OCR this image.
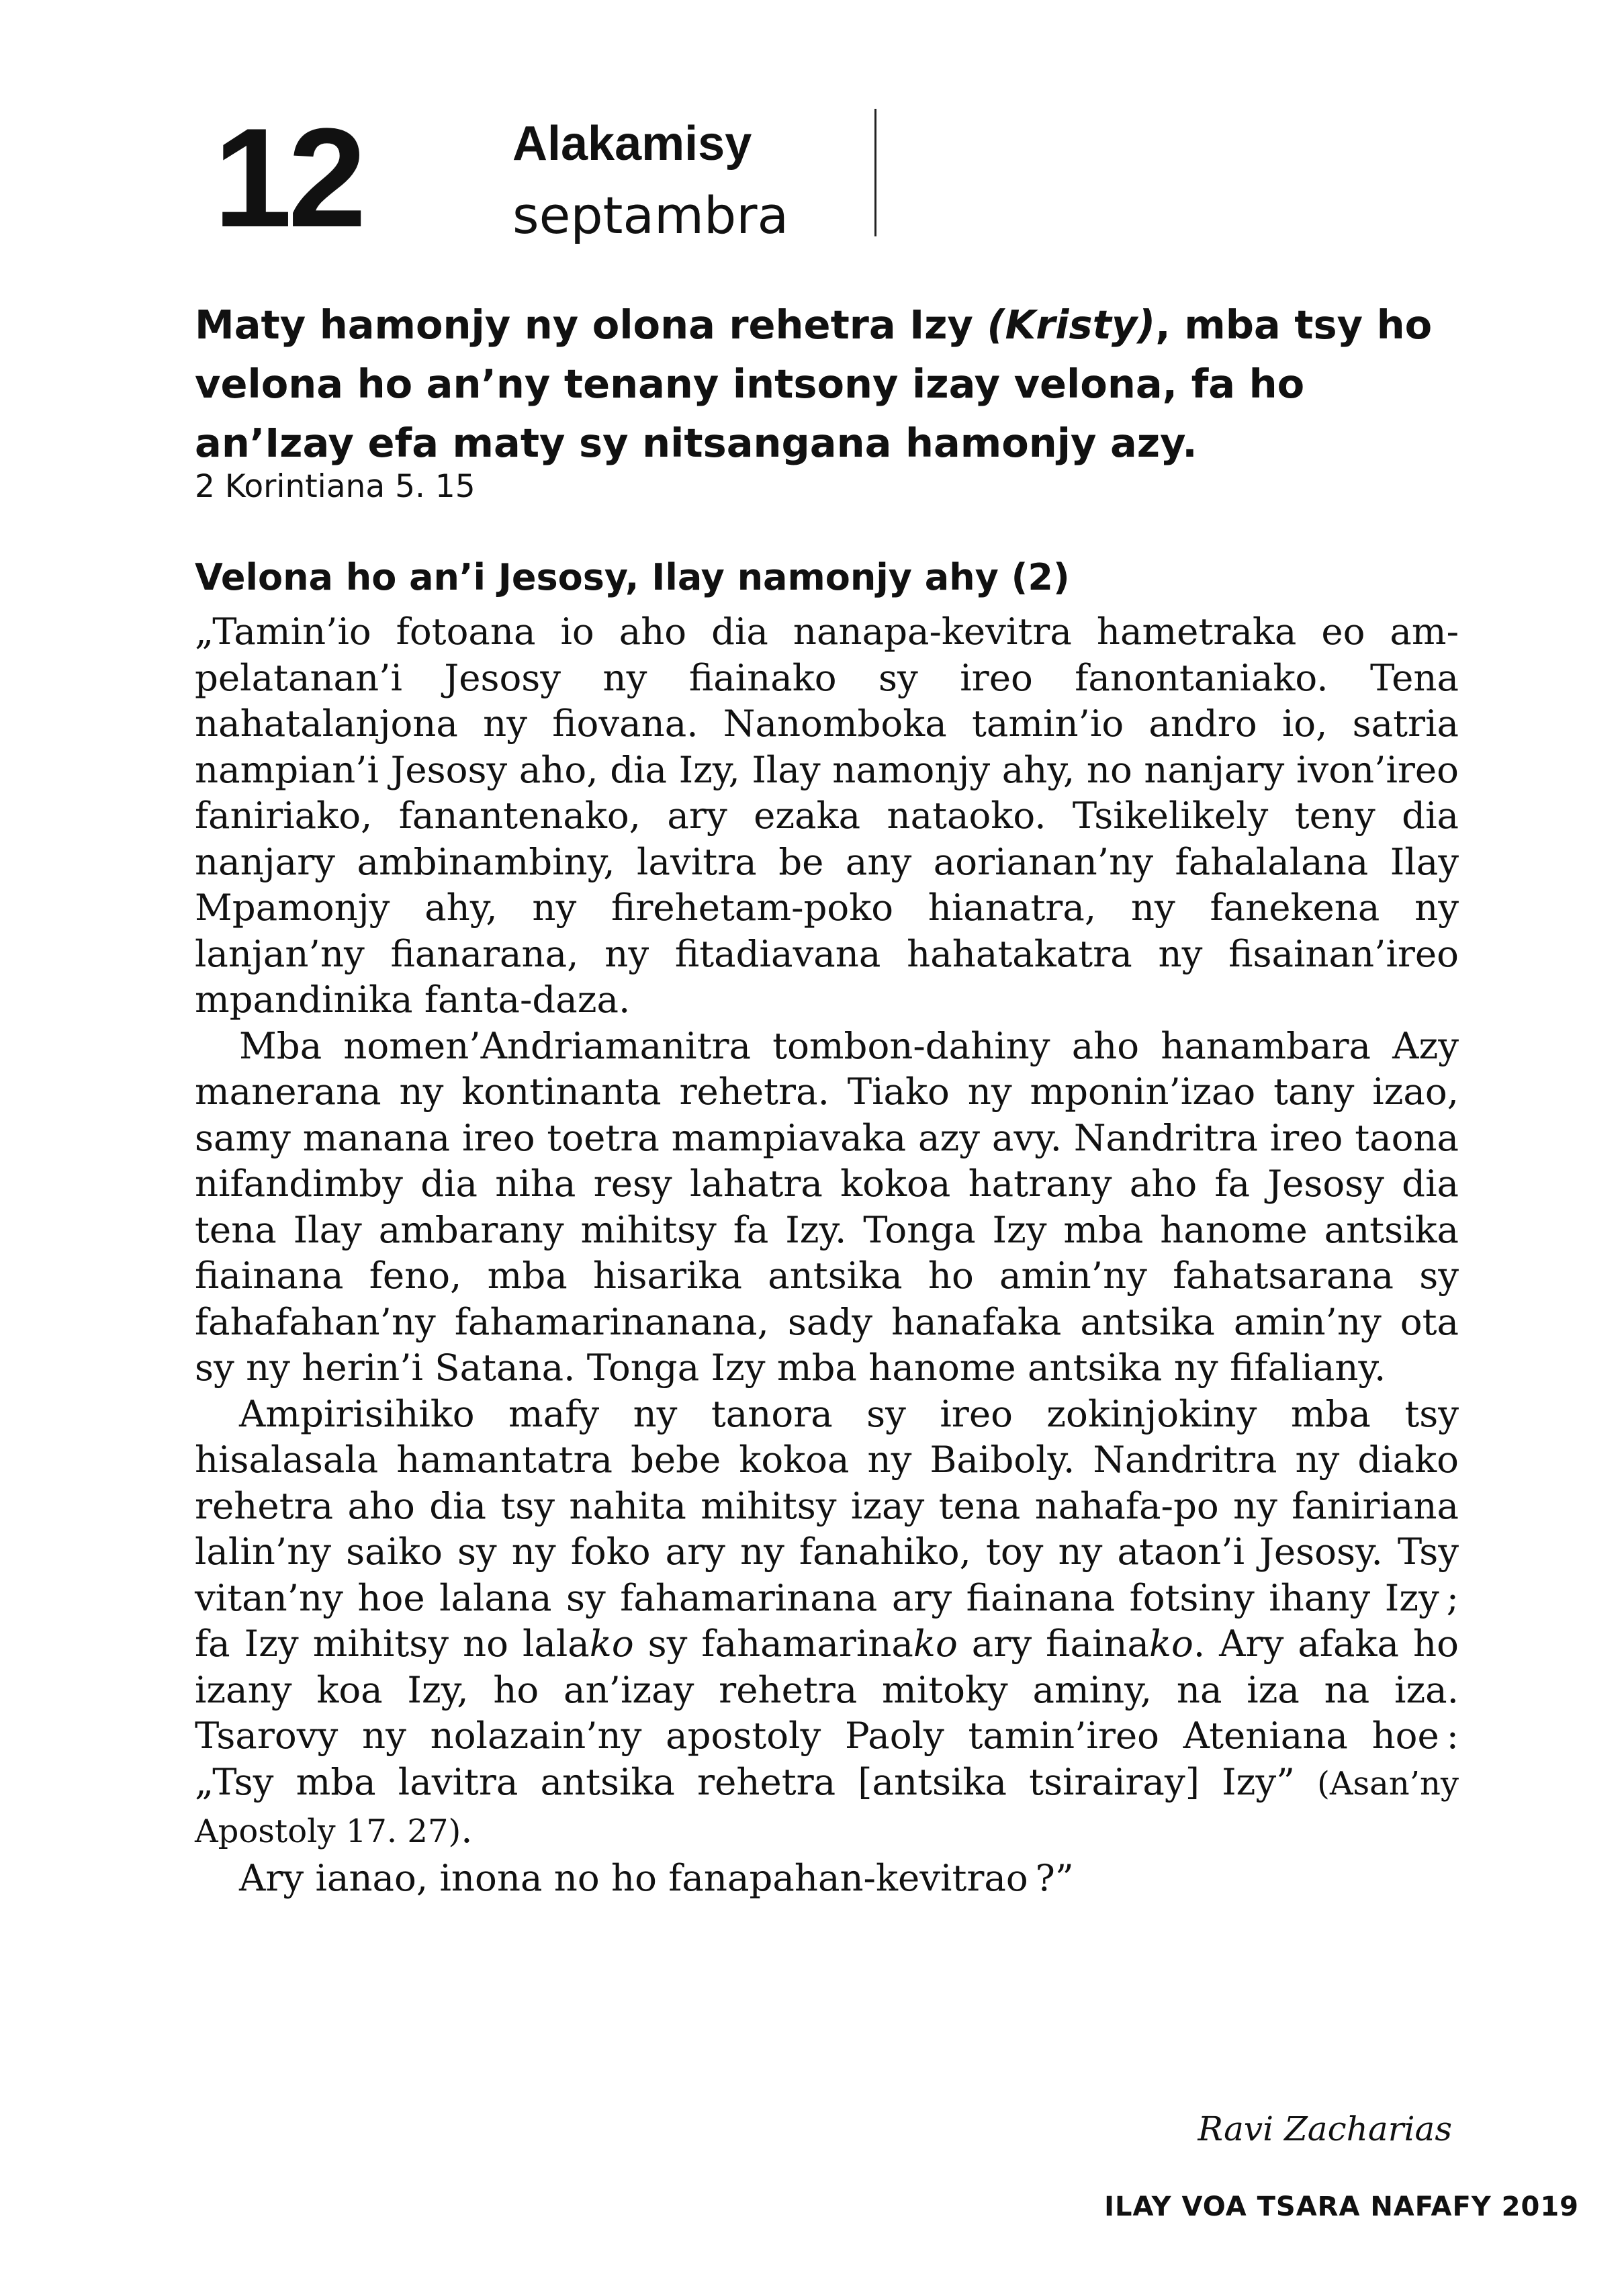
12	Alakamisy
septambra
Maty hamonjy ny olona rehetra Izy (Kristy), mba tsy ho velona ho an’ny tenany intsony izay velona, fa ho an’Izay efa maty sy nitsangana hamonjy azy.
2 Korintiana 5. 15
Velona ho an’i Jesosy, Ilay namonjy ahy (2)

„Tamin’io fotoana io aho dia nanapa-kevitra hametraka eo am-pelatanan’i Jesosy ny fiainako sy ireo fanontaniako. Tena nahatalanjona ny fiovana. Nanomboka tamin’io andro io, satria nampian’i Jesosy aho, dia Izy, Ilay namonjy ahy, no nanjary ivon’ireo faniriako, fanantenako, ary ezaka nataoko. Tsikelikely teny dia nanjary ambinambiny, lavitra be any aorianan’ny fahalalana Ilay Mpamonjy ahy, ny firehetam-poko hianatra, ny fanekena ny lanjan’ny fianarana, ny fitadiavana hahatakatra ny fisainan’ireo mpandinika fanta-daza.

Mba nomen’Andriamanitra tombon-dahiny aho hanambara Azy manerana ny kontinanta rehetra. Tiako ny mponin’izao tany izao, samy manana ireo toetra mampiavaka azy avy. Nandritra ireo taona nifandimby dia niha resy lahatra kokoa hatrany aho fa Jesosy dia tena Ilay ambarany mihitsy fa Izy. Tonga Izy mba hanome antsika fiainana feno, mba hisarika antsika ho amin’ny fahatsarana sy fahafahan’ny fahamarinanana, sady hanafaka antsika amin’ny ota sy ny herin’i Satana. Tonga Izy mba hanome antsika ny fifaliany.

Ampirisihiko mafy ny tanora sy ireo zokinjokiny mba tsy hisalasala hamantatra bebe kokoa ny Baiboly. Nandritra ny diako rehetra aho dia tsy nahita mihitsy izay tena nahafa-po ny faniriana lalin’ny saiko sy ny foko ary ny fanahiko, toy ny ataon’i Jesosy. Tsy vitan’ny hoe lalana sy fahamarinana ary fiainana fotsiny ihany Izy ; fa Izy mihitsy no lalako sy fahamarinako ary fiainako. Ary afaka ho izany koa Izy, ho an’izay rehetra mitoky aminy, na iza na iza. Tsarovy ny nolazain’ny apostoly Paoly tamin’ireo Ateniana hoe : „Tsy mba lavitra antsika rehetra [antsika tsirairay] Izy” (Asan’ny Apostoly 17. 27).

Ary ianao, inona no ho fanapahan-kevitrao ?”

Ravi Zacharias
ILAY VOA TSARA NAFAFY 2019
